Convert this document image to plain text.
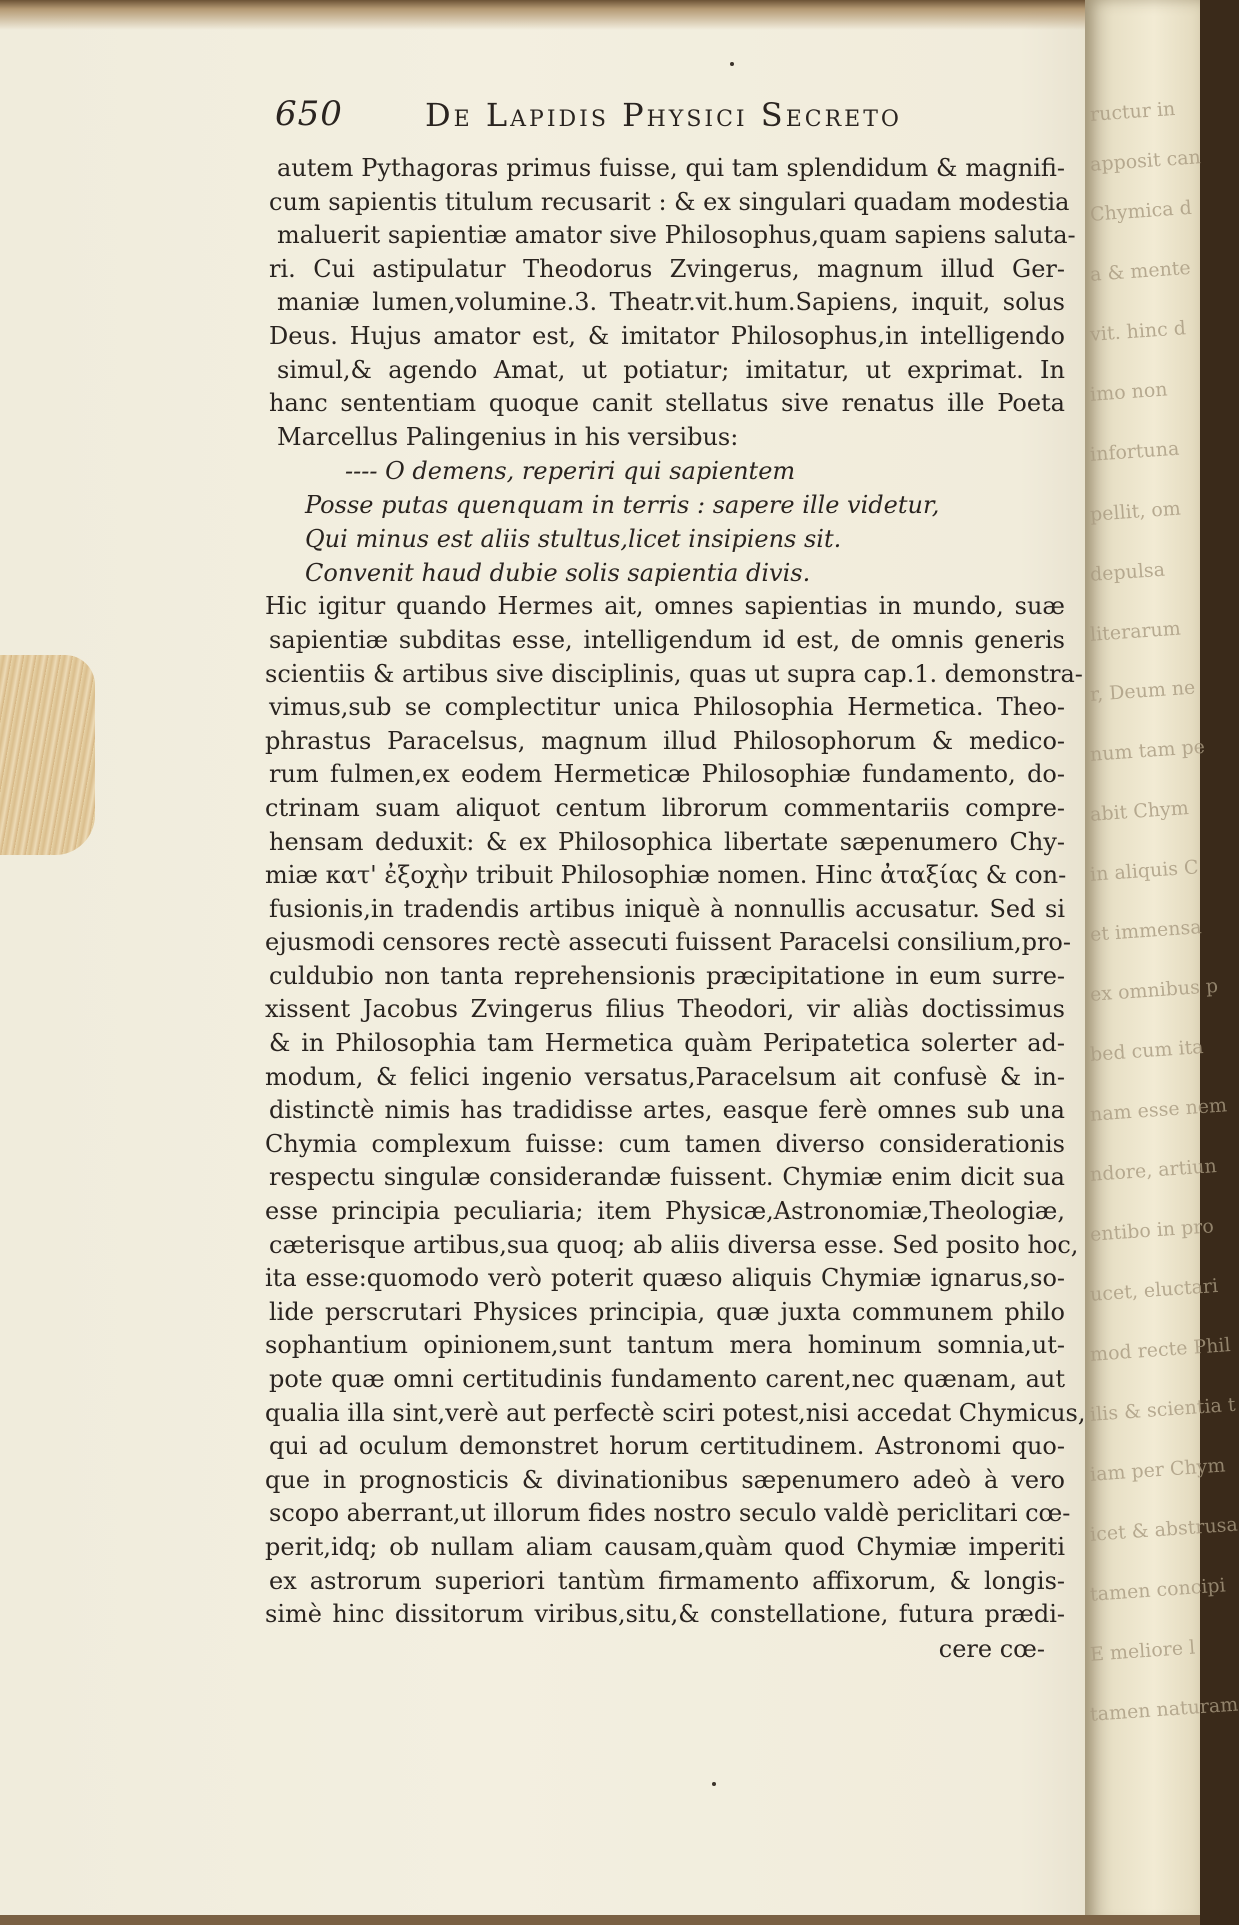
ructur in
apposit can
Chymica d
a & mente
vit. hinc d
imo non
infortuna
pellit, om
depulsa
literarum
r, Deum ne
num tam pe
abit Chym
in aliquis C
et immensa
ex omnibus p
bed cum ita
nam esse nem
ndore, artiun
entibo in pro
ucet, eluctari
mod recte Phil
ilis & scientia t
iam per Chym
icet & abstrusa
tamen concipi
E meliore l
tamen naturam
650	De Lapidis Physici Secreto
autem Pythagoras primus fuisse, qui tam splendidum & magnifi-
cum sapientis titulum recusarit : & ex singulari quadam modestia
maluerit sapientiæ amator sive Philosophus,quam sapiens saluta-
ri. Cui astipulatur Theodorus Zvingerus, magnum illud Ger-
maniæ lumen,volumine.3. Theatr.vit.hum.Sapiens, inquit, solus
Deus. Hujus amator est, & imitator Philosophus,in intelligendo
simul,& agendo Amat, ut potiatur; imitatur, ut exprimat. In
hanc sententiam quoque canit stellatus sive renatus ille Poeta
Marcellus Palingenius in his versibus:
---- O demens, reperiri qui sapientem
Posse putas quenquam in terris : sapere ille videtur,
Qui minus est aliis stultus,licet insipiens sit.
Convenit haud dubie solis sapientia divis.
Hic igitur quando Hermes ait, omnes sapientias in mundo, suæ
sapientiæ subditas esse, intelligendum id est, de omnis generis
scientiis & artibus sive disciplinis, quas ut supra cap.1. demonstra-
vimus,sub se complectitur unica Philosophia Hermetica. Theo-
phrastus Paracelsus, magnum illud Philosophorum & medico-
rum fulmen,ex eodem Hermeticæ Philosophiæ fundamento, do-
ctrinam suam aliquot centum librorum commentariis compre-
hensam deduxit: & ex Philosophica libertate sæpenumero Chy-
miæ κατ' ἐξοχὴν tribuit Philosophiæ nomen. Hinc ἀταξίας & con-
fusionis,in tradendis artibus iniquè à nonnullis accusatur. Sed si
ejusmodi censores rectè assecuti fuissent Paracelsi consilium,pro-
culdubio non tanta reprehensionis præcipitatione in eum surre-
xissent Jacobus Zvingerus filius Theodori, vir aliàs doctissimus
& in Philosophia tam Hermetica quàm Peripatetica solerter ad-
modum, & felici ingenio versatus,Paracelsum ait confusè & in-
distinctè nimis has tradidisse artes, easque ferè omnes sub una
Chymia complexum fuisse: cum tamen diverso considerationis
respectu singulæ considerandæ fuissent. Chymiæ enim dicit sua
esse principia peculiaria; item Physicæ,Astronomiæ,Theologiæ,
cæterisque artibus,sua quoq; ab aliis diversa esse. Sed posito hoc,
ita esse:quomodo verò poterit quæso aliquis Chymiæ ignarus,so-
lide perscrutari Physices principia, quæ juxta communem philo
sophantium opinionem,sunt tantum mera hominum somnia,ut-
pote quæ omni certitudinis fundamento carent,nec quænam, aut
qualia illa sint,verè aut perfectè sciri potest,nisi accedat Chymicus,
qui ad oculum demonstret horum certitudinem. Astronomi quo-
que in prognosticis & divinationibus sæpenumero adeò à vero
scopo aberrant,ut illorum fides nostro seculo valdè periclitari cœ-
perit,idq; ob nullam aliam causam,quàm quod Chymiæ imperiti
ex astrorum superiori tantùm firmamento affixorum, & longis-
simè hinc dissitorum viribus,situ,& constellatione, futura prædi-
cere cœ-
